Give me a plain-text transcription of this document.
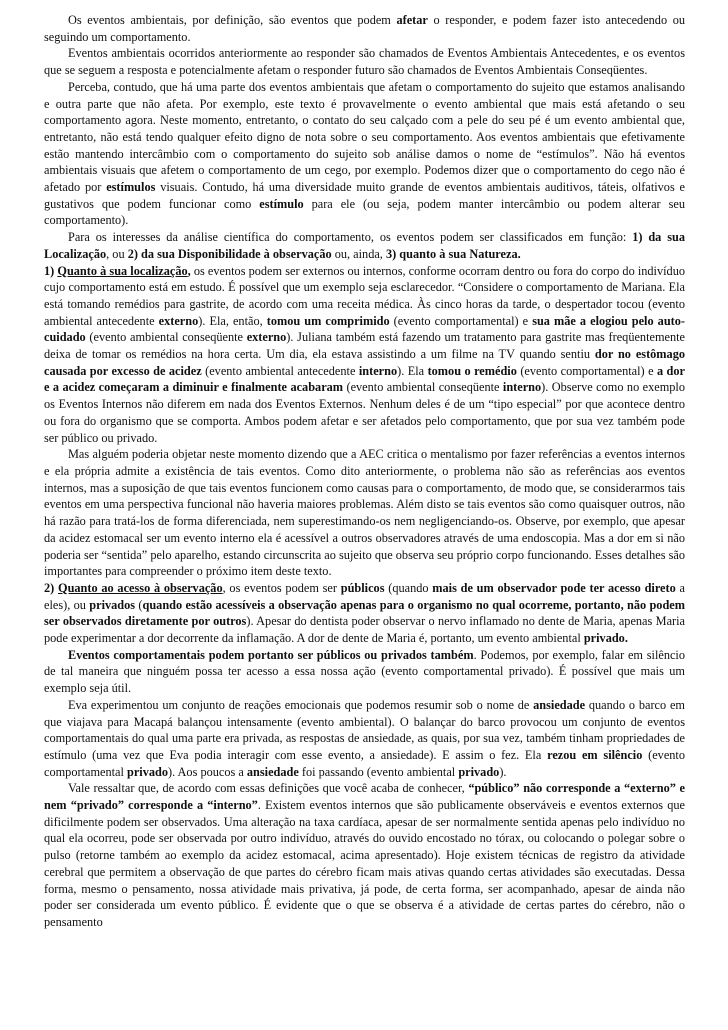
Os eventos ambientais, por definição, são eventos que podem afetar o responder, e podem fazer isto antecedendo ou seguindo um comportamento.

Eventos ambientais ocorridos anteriormente ao responder são chamados de Eventos Ambientais Antecedentes, e os eventos que se seguem a resposta e potencialmente afetam o responder futuro são chamados de Eventos Ambientais Conseqüentes.

Perceba, contudo, que há uma parte dos eventos ambientais que afetam o comportamento do sujeito que estamos analisando e outra parte que não afeta. Por exemplo, este texto é provavelmente o evento ambiental que mais está afetando o seu comportamento agora. Neste momento, entretanto, o contato do seu calçado com a pele do seu pé é um evento ambiental que, entretanto, não está tendo qualquer efeito digno de nota sobre o seu comportamento. Aos eventos ambientais que efetivamente estão mantendo intercâmbio com o comportamento do sujeito sob análise damos o nome de “estímulos”. Não há eventos ambientais visuais que afetem o comportamento de um cego, por exemplo. Podemos dizer que o comportamento do cego não é afetado por estímulos visuais. Contudo, há uma diversidade muito grande de eventos ambientais auditivos, táteis, olfativos e gustativos que podem funcionar como estímulo para ele (ou seja, podem manter intercâmbio ou podem alterar seu comportamento).

Para os interesses da análise científica do comportamento, os eventos podem ser classificados em função: 1) da sua Localização, ou 2) da sua Disponibilidade à observação ou, ainda, 3) quanto à sua Natureza.

1) Quanto à sua localização, os eventos podem ser externos ou internos, conforme ocorram dentro ou fora do corpo do indivíduo cujo comportamento está em estudo. É possível que um exemplo seja esclarecedor. “Considere o comportamento de Mariana. Ela está tomando remédios para gastrite, de acordo com uma receita médica. Às cinco horas da tarde, o despertador tocou (evento ambiental antecedente externo). Ela, então, tomou um comprimido (evento comportamental) e sua mãe a elogiou pelo auto-cuidado (evento ambiental conseqüente externo). Juliana também está fazendo um tratamento para gastrite mas freqüentemente deixa de tomar os remédios na hora certa. Um dia, ela estava assistindo a um filme na TV quando sentiu dor no estômago causada por excesso de acidez (evento ambiental antecedente interno). Ela tomou o remédio (evento comportamental) e a dor e a acidez começaram a diminuir e finalmente acabaram (evento ambiental conseqüente interno). Observe como no exemplo os Eventos Internos não diferem em nada dos Eventos Externos. Nenhum deles é de um “tipo especial” por que acontece dentro ou fora do organismo que se comporta. Ambos podem afetar e ser afetados pelo comportamento, que por sua vez também pode ser público ou privado.

Mas alguém poderia objetar neste momento dizendo que a AEC critica o mentalismo por fazer referências a eventos internos e ela própria admite a existência de tais eventos. Como dito anteriormente, o problema não são as referências aos eventos internos, mas a suposição de que tais eventos funcionem como causas para o comportamento, de modo que, se considerarmos tais eventos em uma perspectiva funcional não haveria maiores problemas. Além disto se tais eventos são como quaisquer outros, não há razão para tratá-los de forma diferenciada, nem superestimando-os nem negligenciando-os. Observe, por exemplo, que apesar da acidez estomacal ser um evento interno ela é acessível a outros observadores através de uma endoscopia. Mas a dor em si não poderia ser “sentida” pelo aparelho, estando circunscrita ao sujeito que observa seu próprio corpo funcionando. Esses detalhes são importantes para compreender o próximo item deste texto.

2) Quanto ao acesso à observação, os eventos podem ser públicos (quando mais de um observador pode ter acesso direto a eles), ou privados (quando estão acessíveis a observação apenas para o organismo no qual ocorreme, portanto, não podem ser observados diretamente por outros). Apesar do dentista poder observar o nervo inflamado no dente de Maria, apenas Maria pode experimentar a dor decorrente da inflamação. A dor de dente de Maria é, portanto, um evento ambiental privado.

Eventos comportamentais podem portanto ser públicos ou privados também. Podemos, por exemplo, falar em silêncio de tal maneira que ninguém possa ter acesso a essa nossa ação (evento comportamental privado). É possível que mais um exemplo seja útil.

Eva experimentou um conjunto de reações emocionais que podemos resumir sob o nome de ansiedade quando o barco em que viajava para Macapá balançou intensamente (evento ambiental). O balançar do barco provocou um conjunto de eventos comportamentais do qual uma parte era privada, as respostas de ansiedade, as quais, por sua vez, também tinham propriedades de estímulo (uma vez que Eva podia interagir com esse evento, a ansiedade). E assim o fez. Ela rezou em silêncio (evento comportamental privado). Aos poucos a ansiedade foi passando (evento ambiental privado).

Vale ressaltar que, de acordo com essas definições que você acaba de conhecer, “público” não corresponde a “externo” e nem “privado” corresponde a “interno”. Existem eventos internos que são publicamente observáveis e eventos externos que dificilmente podem ser observados. Uma alteração na taxa cardíaca, apesar de ser normalmente sentida apenas pelo indivíduo no qual ela ocorreu, pode ser observada por outro indivíduo, através do ouvido encostado no tórax, ou colocando o polegar sobre o pulso (retorne também ao exemplo da acidez estomacal, acima apresentado). Hoje existem técnicas de registro da atividade cerebral que permitem a observação de que partes do cérebro ficam mais ativas quando certas atividades são executadas. Dessa forma, mesmo o pensamento, nossa atividade mais privativa, já pode, de certa forma, ser acompanhado, apesar de ainda não poder ser considerada um evento público. É evidente que o que se observa é a atividade de certas partes do cérebro, não o pensamento
